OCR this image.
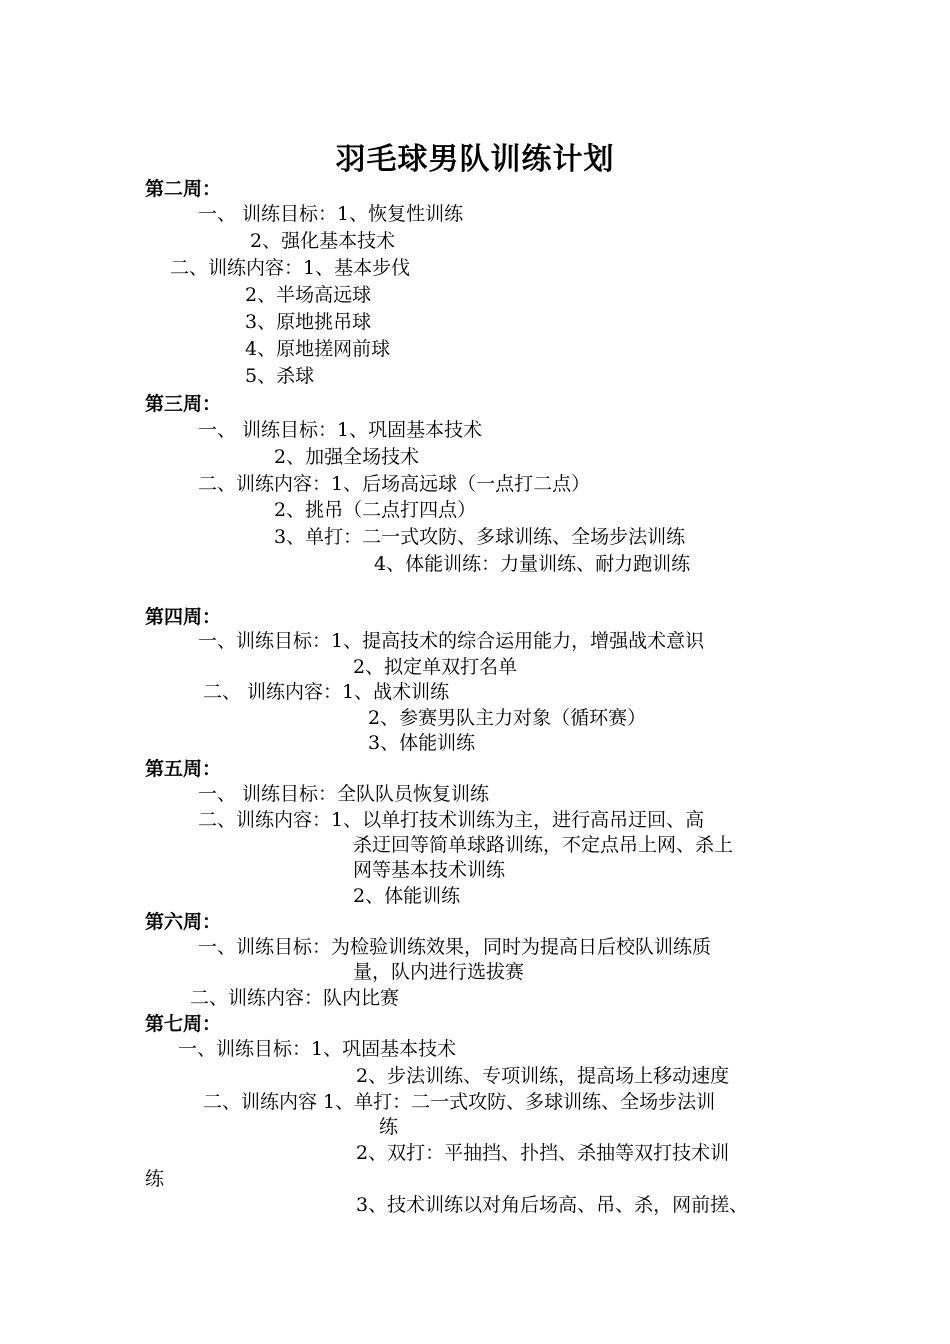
羽毛球男队训练计划
第二周：
一、 训练目标：1、恢复性训练
2、强化基本技术
二、训练内容：1、基本步伐
2、半场高远球
3、原地挑吊球
4、原地搓网前球
5、杀球
第三周：
一、 训练目标：1、巩固基本技术
2、加强全场技术
二、训练内容：1、后场高远球（一点打二点）
2、挑吊（二点打四点）
3、单打：二一式攻防、多球训练、全场步法训练
4、体能训练：力量训练、耐力跑训练
第四周：
一、训练目标：1、提高技术的综合运用能力，增强战术意识
2、拟定单双打名单
二、 训练内容：1、战术训练
2、参赛男队主力对象（循环赛）
3、体能训练
第五周：
一、 训练目标：全队队员恢复训练
二、训练内容：1、以单打技术训练为主，进行高吊迂回、高
杀迂回等简单球路训练，不定点吊上网、杀上
网等基本技术训练
2、体能训练
第六周：
一、训练目标：为检验训练效果，同时为提高日后校队训练质
量，队内进行选拔赛
二、训练内容：队内比赛
第七周：
一、训练目标：1、巩固基本技术
2、步法训练、专项训练，提高场上移动速度
二、训练内容 1、单打：二一式攻防、多球训练、全场步法训
练
2、双打：平抽挡、扑挡、杀抽等双打技术训
练
3、技术训练以对角后场高、吊、杀，网前搓、
